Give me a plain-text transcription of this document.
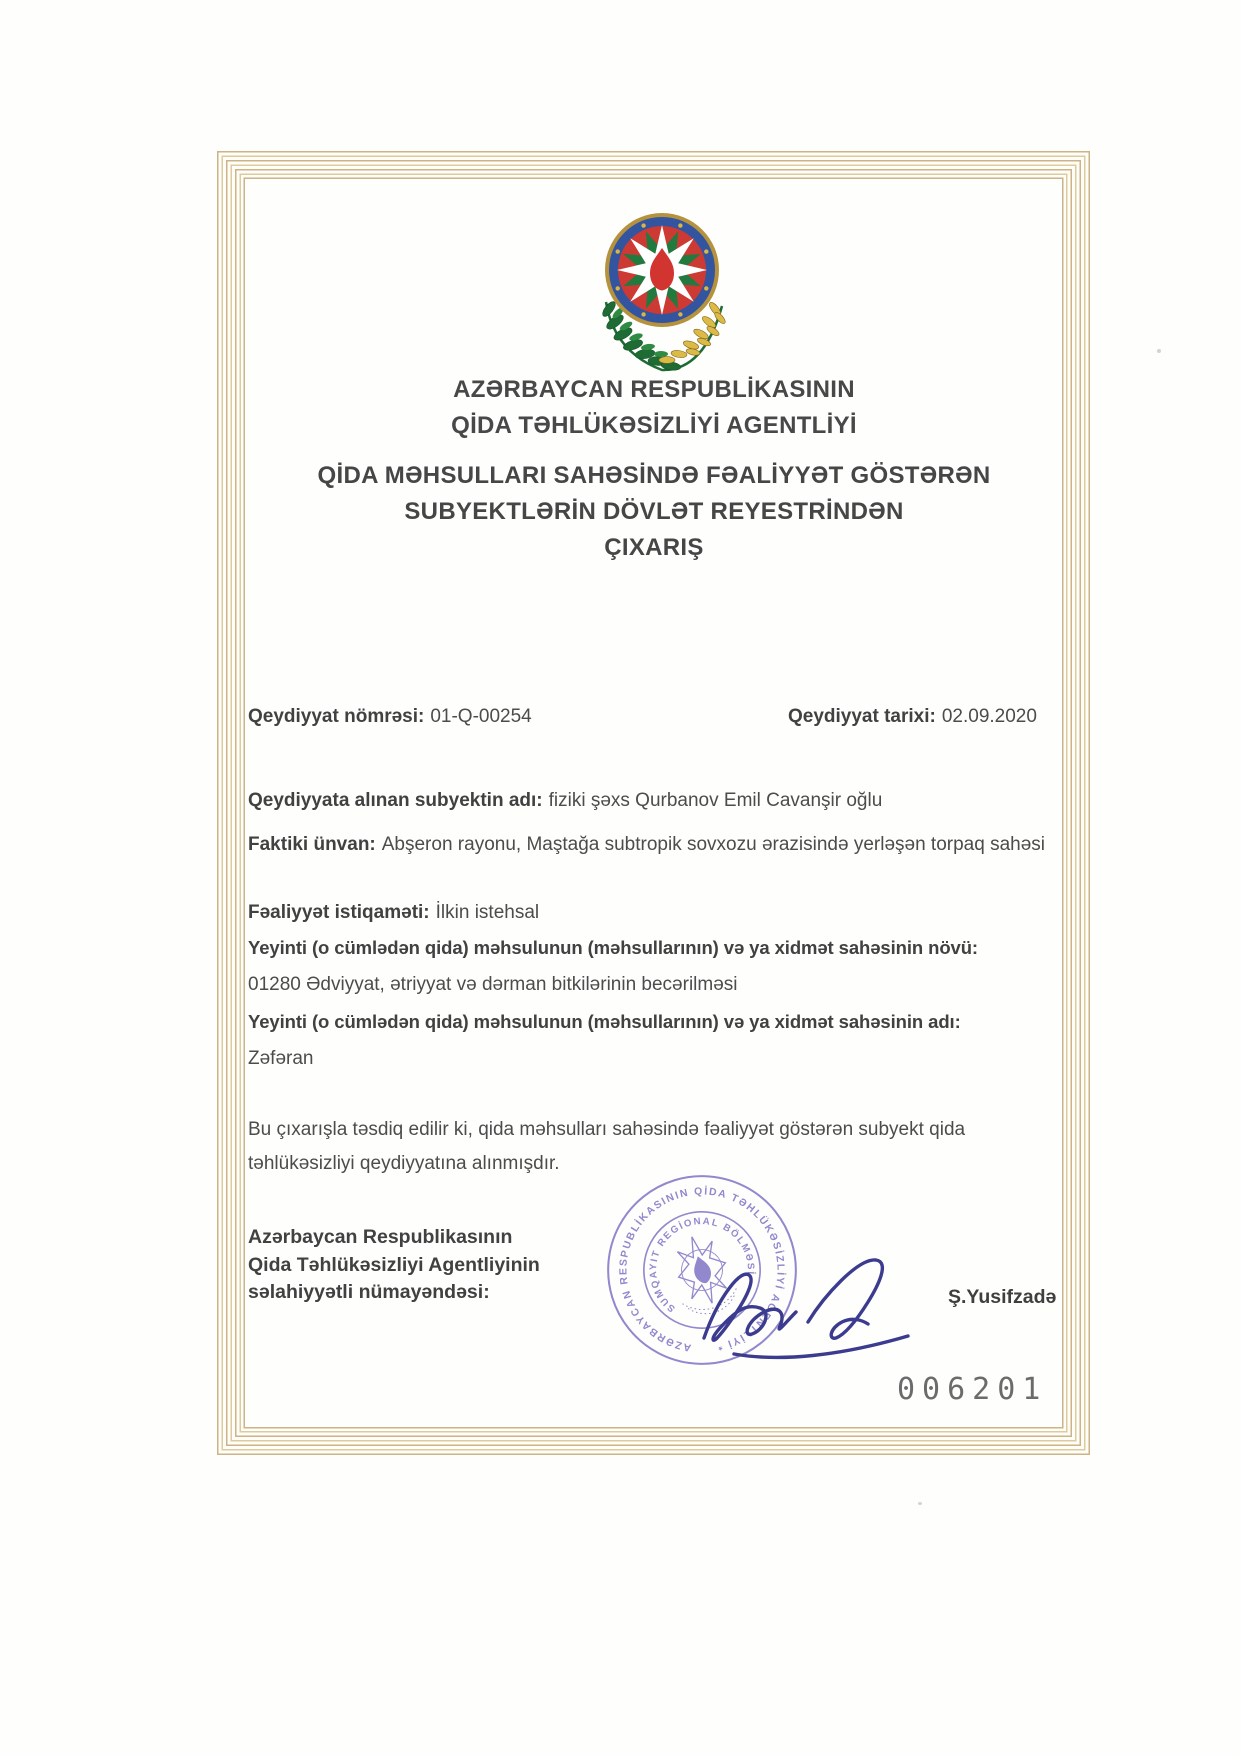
AZƏRBAYCAN RESPUBLİKASININ
QİDA TƏHLÜKƏSİZLİYİ AGENTLİYİ
QİDA MƏHSULLARI SAHƏSİNDƏ FƏALİYYƏT GÖSTƏRƏN
SUBYEKTLƏRİN DÖVLƏT REYESTRİNDƏN
ÇIXARIŞ
Qeydiyyat nömrəsi: 01-Q-00254	Qeydiyyat tarixi: 02.09.2020
Qeydiyyata alınan subyektin adı: fiziki şəxs Qurbanov Emil Cavanşir oğlu
Faktiki ünvan: Abşeron rayonu, Maştağa subtropik sovxozu ərazisində yerləşən torpaq sahəsi
Fəaliyyət istiqaməti: İlkin istehsal
Yeyinti (o cümlədən qida) məhsulunun (məhsullarının) və ya xidmət sahəsinin növü:
01280 Ədviyyat, ətriyyat və dərman bitkilərinin becərilməsi
Yeyinti (o cümlədən qida) məhsulunun (məhsullarının) və ya xidmət sahəsinin adı:
Zəfəran
Bu çıxarışla təsdiq edilir ki, qida məhsulları sahəsində fəaliyyət göstərən subyekt qida təhlükəsizliyi qeydiyyatına alınmışdır.
Azərbaycan Respublikasının
Qida Təhlükəsizliyi Agentliyinin
səlahiyyətli nümayəndəsi:
AZƏRBAYCAN RESPUBLİKASININ QİDA TƏHLÜKƏSİZLİYİ AGENTLİYİ *
SUMQAYIT REGİONAL BÖLMƏSİ
Ş.Yusifzadə
006201
